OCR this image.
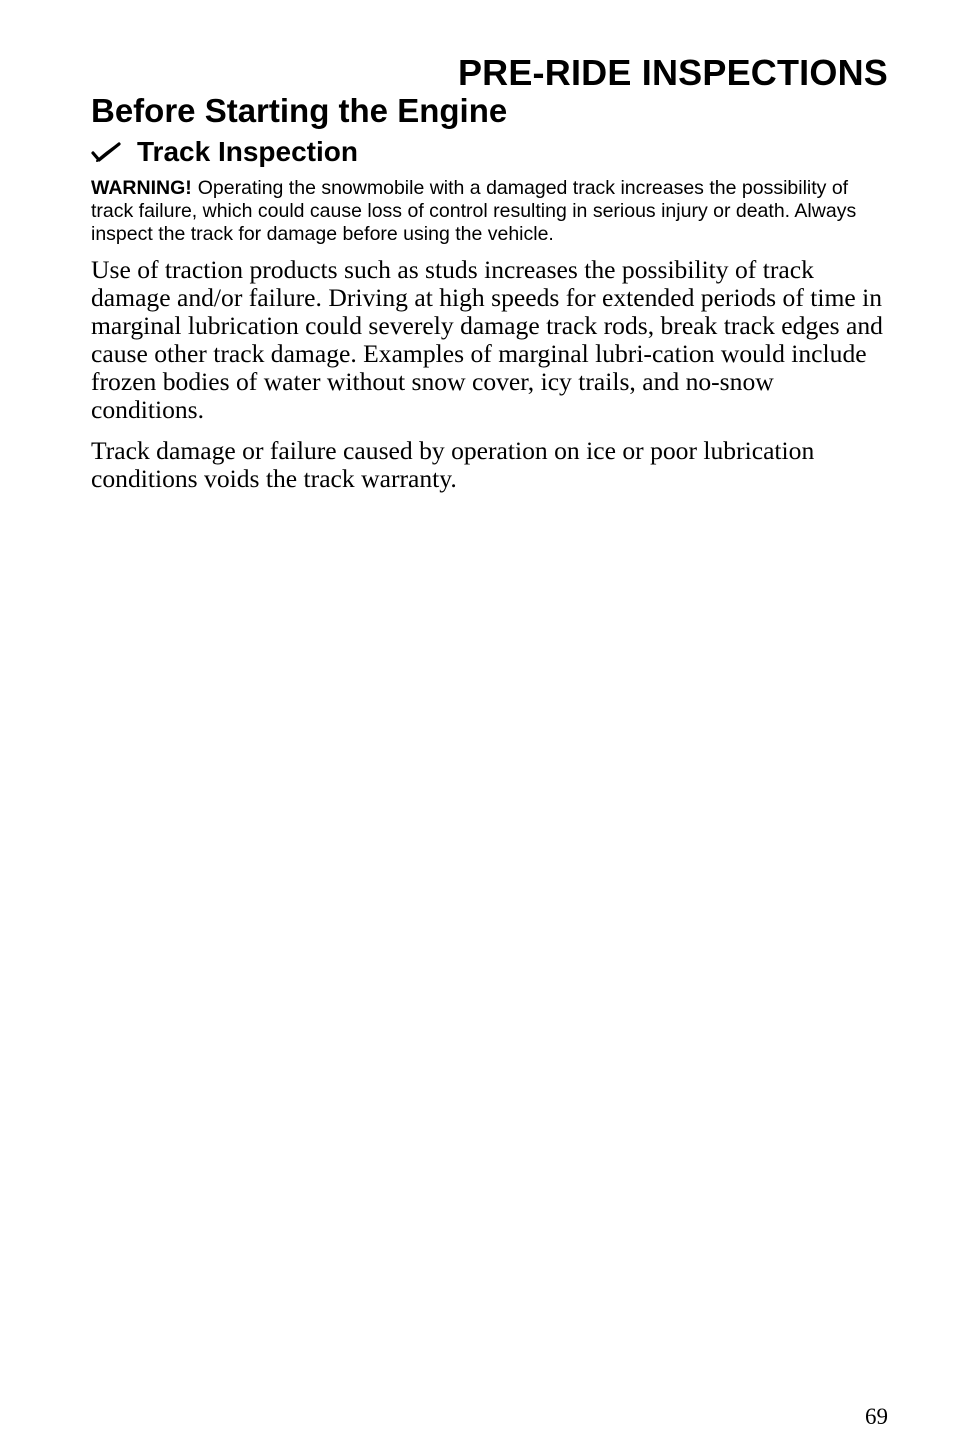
PRE-RIDE INSPECTIONS
Before Starting the Engine
Track Inspection

WARNING! Operating the snowmobile with a damaged track increases the possibility of track failure, which could cause loss of control resulting in serious injury or death. Always inspect the track for damage before using the vehicle.

Use of traction products such as studs increases the possibility of track damage and/or failure. Driving at high speeds for extended periods of time in marginal lubrication could severely damage track rods, break track edges and cause other track damage. Examples of marginal lubri-cation would include frozen bodies of water without snow cover, icy trails, and no-snow conditions.

Track damage or failure caused by operation on ice or poor lubrication conditions voids the track warranty.

69
